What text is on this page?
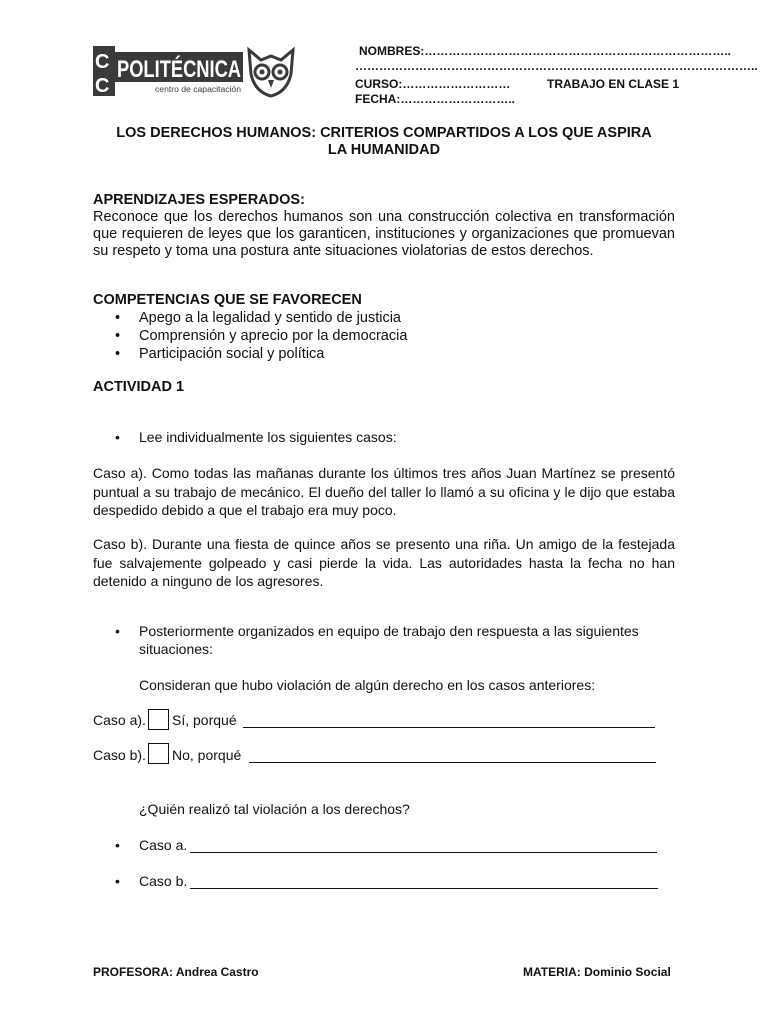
C
C
POLITÉCNICA
centro de capacitación
NOMBRES:…………………………………………………………………..
………………………………………………………………………………………..
CURSO:………………………	TRABAJO EN CLASE 1
FECHA:………………………..
LOS DERECHOS HUMANOS: CRITERIOS COMPARTIDOS A LOS QUE ASPIRA
LA HUMANIDAD
APRENDIZAJES ESPERADOS:
Reconoce que los derechos humanos son una construcción colectiva en transformación que requieren de leyes que los garanticen, instituciones y organizaciones que promuevan su respeto y toma una postura ante situaciones violatorias de estos derechos.
COMPETENCIAS QUE SE FAVORECEN
• Apego a la legalidad y sentido de justicia
• Comprensión y aprecio por la democracia
• Participación social y política
ACTIVIDAD 1
• Lee individualmente los siguientes casos:
Caso a). Como todas las mañanas durante los últimos tres años Juan Martínez se presentó puntual a su trabajo de mecánico. El dueño del taller lo llamó a su oficina y le dijo que estaba despedido debido a que el trabajo era muy poco.
Caso b). Durante una fiesta de quince años se presento una riña. Un amigo de la festejada fue salvajemente golpeado y casi pierde la vida. Las autoridades hasta la fecha no han detenido a ninguno de los agresores.
• Posteriormente organizados en equipo de trabajo den respuesta a las siguientes
situaciones:
Consideran que hubo violación de algún derecho en los casos anteriores:
Caso a). Sí, porqué
Caso b). No, porqué
¿Quién realizó tal violación a los derechos?
• Caso a.
• Caso b.
PROFESORA: Andrea Castro	MATERIA: Dominio Social
